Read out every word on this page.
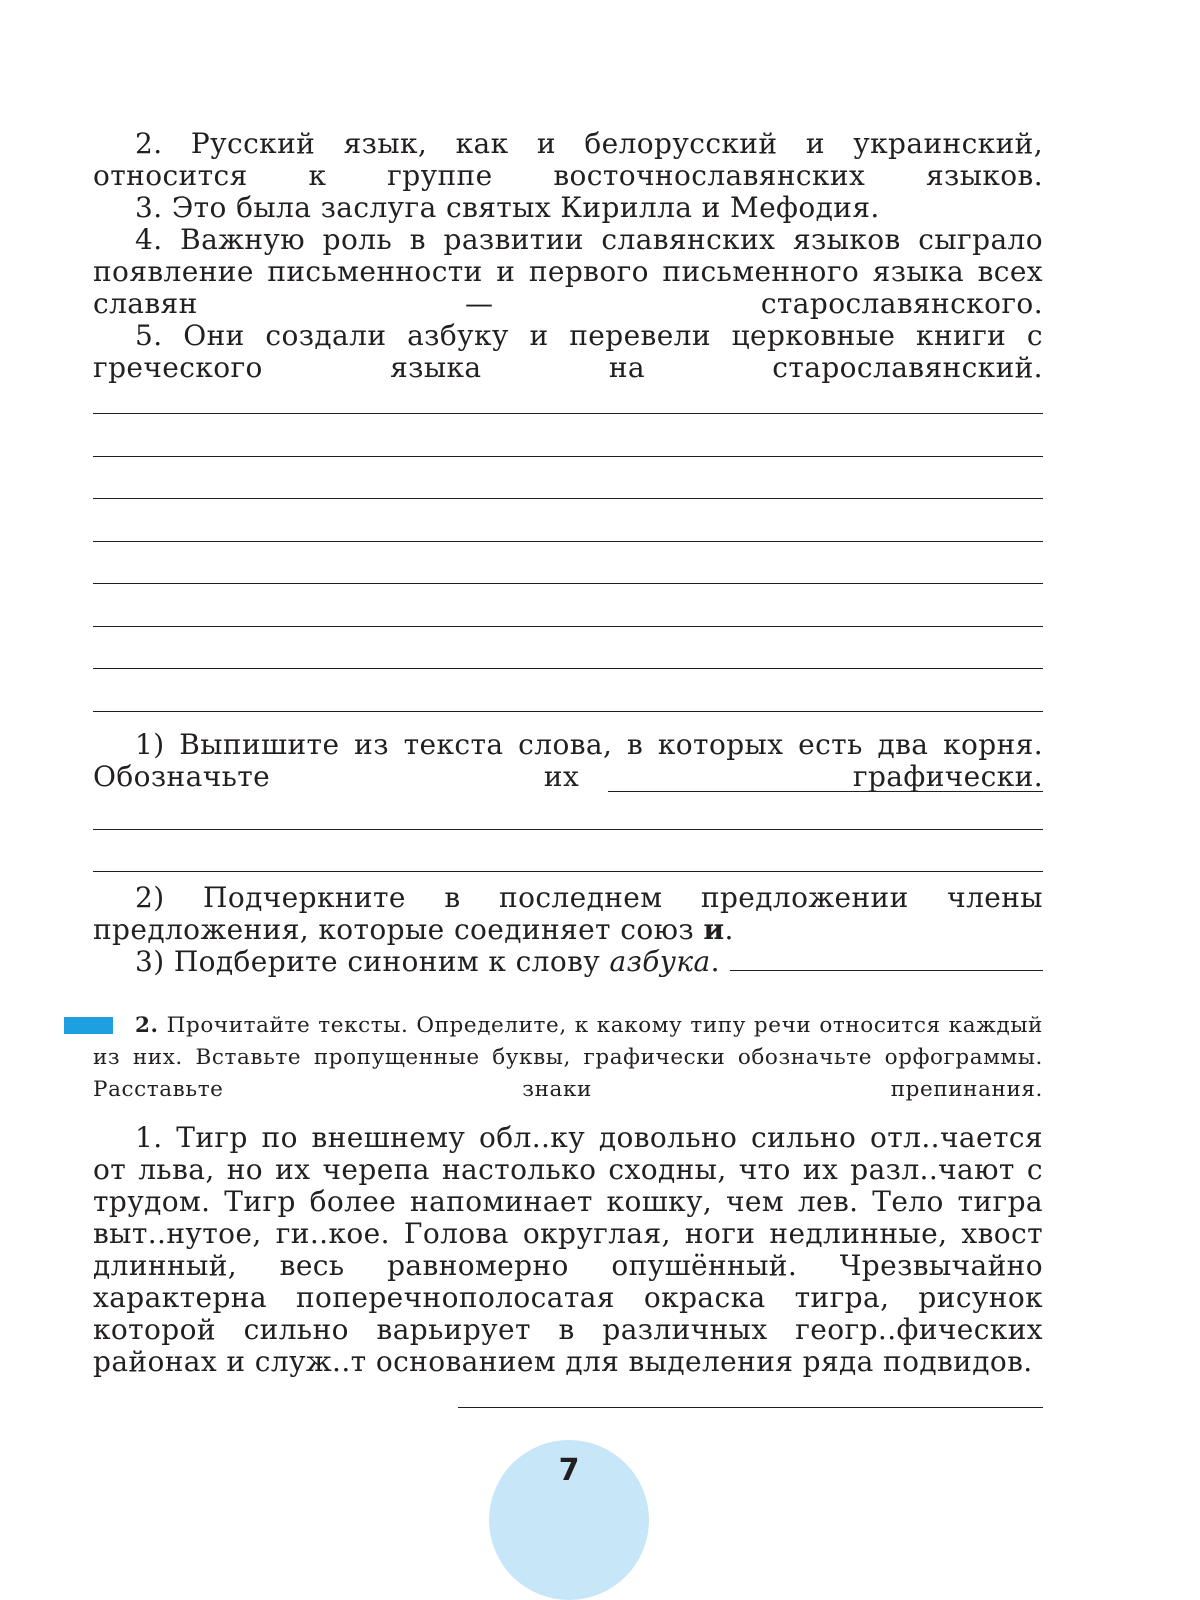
2. Русский язык, как и белорусский и украинский, относится к группе восточнославянских языков.

3. Это была заслуга святых Кирилла и Мефодия.

4. Важную роль в развитии славянских языков сыграло появление письменности и первого письменного языка всех славян — старославянского.

5. Они создали азбуку и перевели церковные книги с греческого языка на старославянский.

1) Выпишите из текста слова, в которых есть два корня. Обозначьте их графически.

2) Подчеркните в последнем предложении члены предложения, которые соединяет союз и.

3) Подберите синоним к слову азбука.

2. Прочитайте тексты. Определите, к какому типу речи относится каждый из них. Вставьте пропущенные буквы, графически обозначьте орфограммы. Расставьте знаки препинания.

1. Тигр по внешнему обл..ку довольно сильно отл..чается от льва, но их черепа настолько сходны, что их разл..чают с трудом. Тигр более напоминает кошку, чем лев. Тело тигра выт..нутое, ги..кое. Голова округлая, ноги недлинные, хвост длинный, весь равномерно опушённый. Чрезвычайно характерна поперечнополосатая окраска тигра, рисунок которой сильно варьирует в различных геогр..фических районах и служ..т основанием для выделения ряда подвидов.

7
